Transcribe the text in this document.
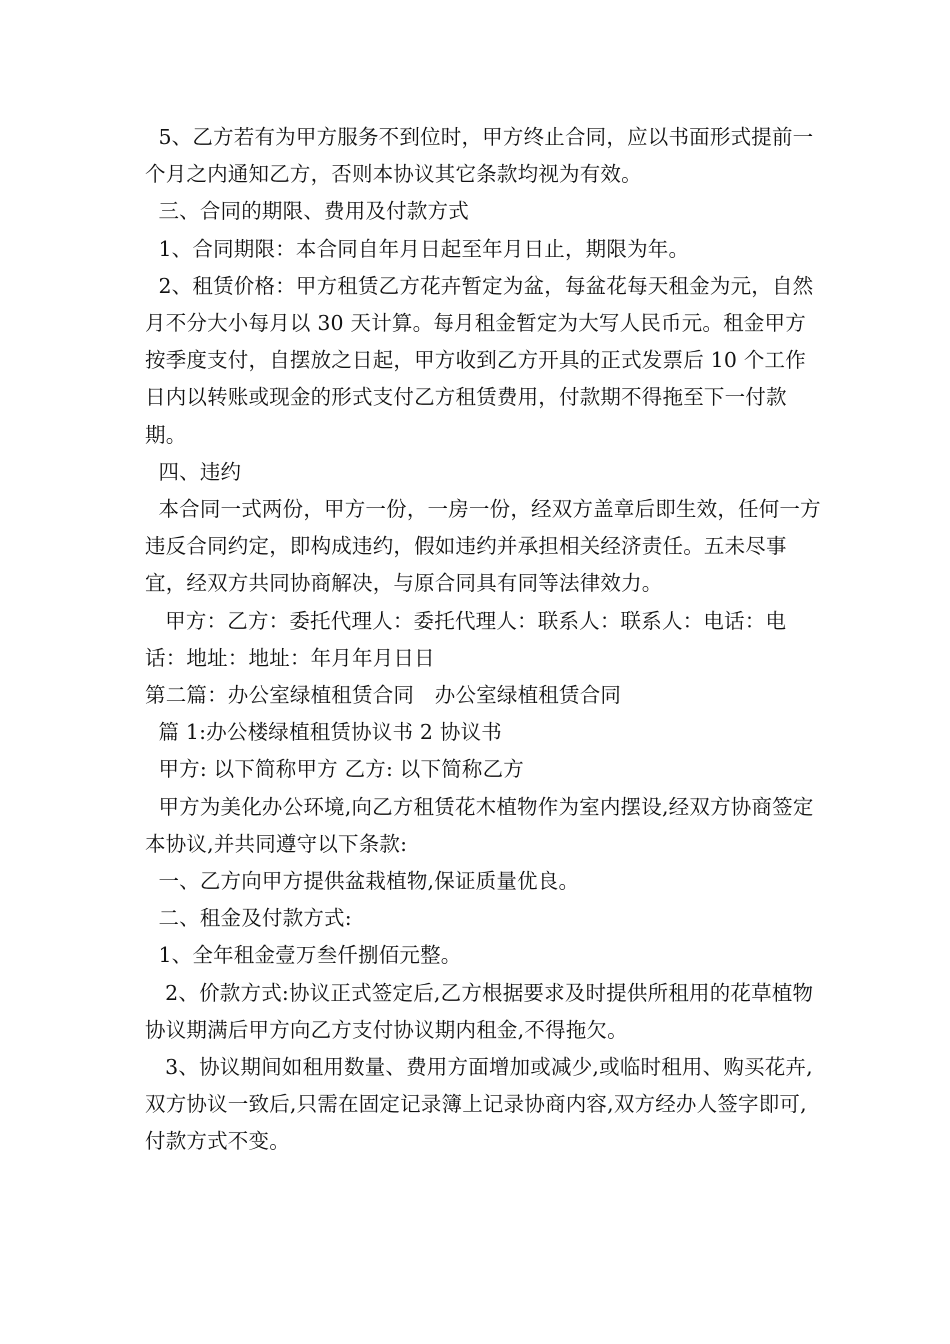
5、乙方若有为甲方服务不到位时，甲方终止合同，应以书面形式提前一个月之内通知乙方，否则本协议其它条款均视为有效。

三、合同的期限、费用及付款方式

1、合同期限：本合同自年月日起至年月日止，期限为年。

2、租赁价格：甲方租赁乙方花卉暂定为盆，每盆花每天租金为元，自然月不分大小每月以 30 天计算。每月租金暂定为大写人民币元。租金甲方按季度支付，自摆放之日起，甲方收到乙方开具的正式发票后 10 个工作日内以转账或现金的形式支付乙方租赁费用，付款期不得拖至下一付款期。

四、违约

本合同一式两份，甲方一份，一房一份，经双方盖章后即生效，任何一方违反合同约定，即构成违约，假如违约并承担相关经济责任。五未尽事宜，经双方共同协商解决，与原合同具有同等法律效力。

甲方：乙方：委托代理人：委托代理人：联系人：联系人：电话：电话：地址：地址：年月年月日日

第二篇：办公室绿植租赁合同　办公室绿植租赁合同

篇 1:办公楼绿植租赁协议书 2 协议书

甲方: 以下简称甲方 乙方: 以下简称乙方

甲方为美化办公环境,向乙方租赁花木植物作为室内摆设,经双方协商签定本协议,并共同遵守以下条款:

一、乙方向甲方提供盆栽植物,保证质量优良。

二、租金及付款方式:

1、全年租金壹万叁仟捌佰元整。

2、价款方式:协议正式签定后,乙方根据要求及时提供所租用的花草植物协议期满后甲方向乙方支付协议期内租金,不得拖欠。

3、协议期间如租用数量、费用方面增加或减少,或临时租用、购买花卉,双方协议一致后,只需在固定记录簿上记录协商内容,双方经办人签字即可,付款方式不变。
